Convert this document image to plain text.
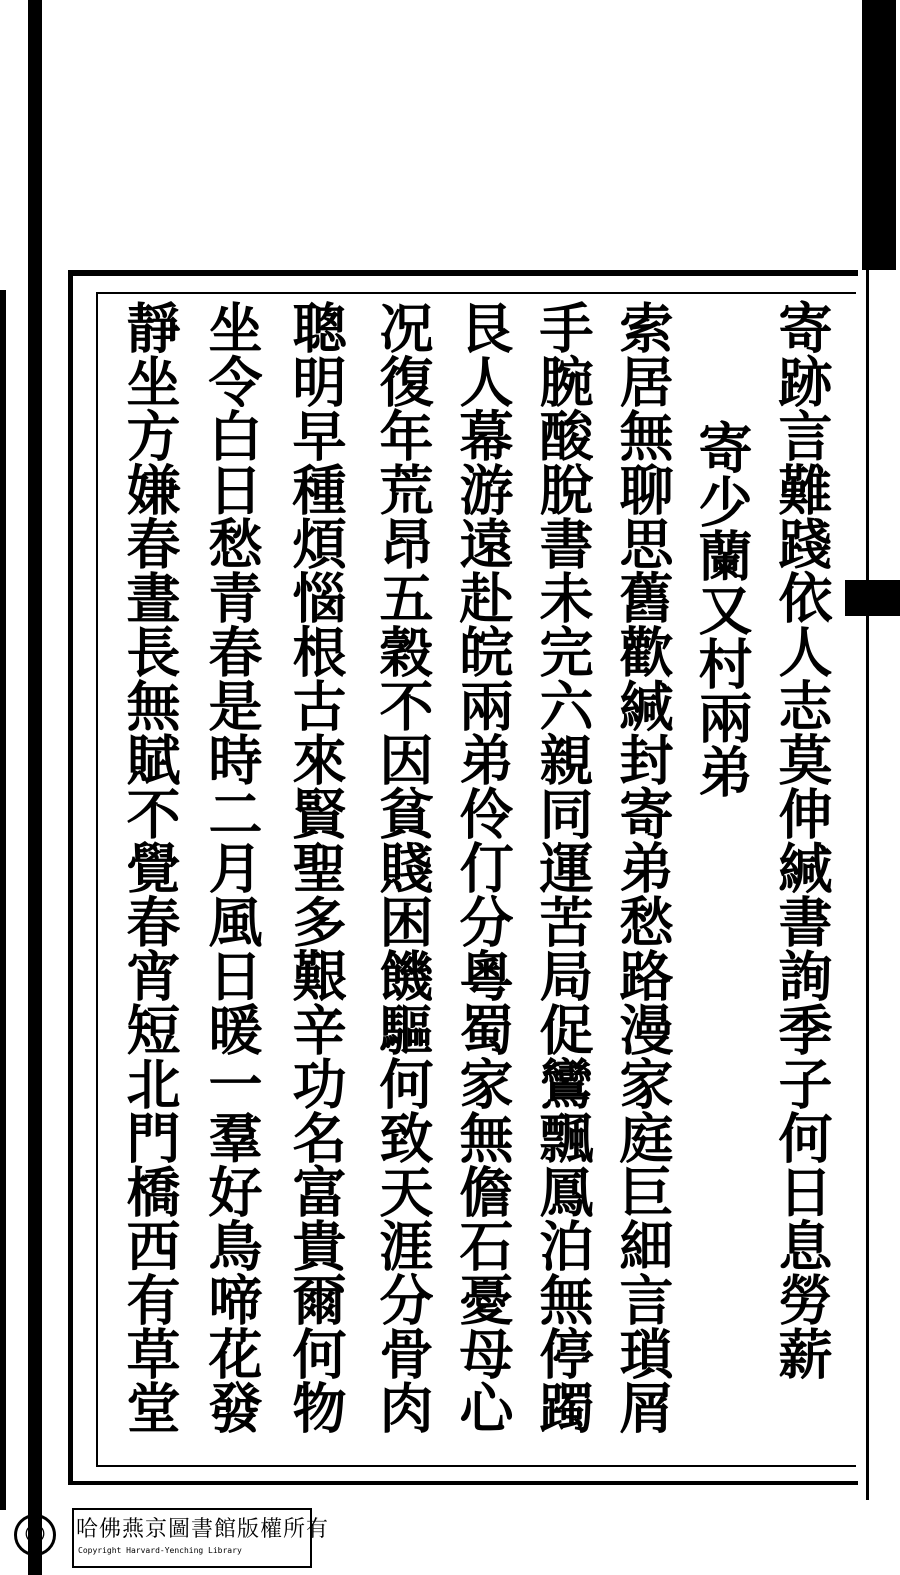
寄跡言難踐依人志莫伸緘書詢季子何日息勞薪
寄少蘭又村兩弟
索居無聊思舊歡緘封寄弟愁路漫家庭巨細言瑣屑
手腕酸脫書未完六親同運苦局促鸞飄鳳泊無停躅
艮人幕游遠赴皖兩弟伶仃分粵蜀家無儋石憂母心
况復年荒昂五穀不因貧賤困饑驅何致天涯分骨肉
聰明早種煩惱根古來賢聖多艱辛功名富貴爾何物
坐令白日愁青春是時二月風日暖一羣好鳥啼花發
靜坐方嫌春晝長無賦不覺春宵短北門橋西有草堂
©	哈佛燕京圖書館版權所有
Copyright Harvard-Yenching Library
